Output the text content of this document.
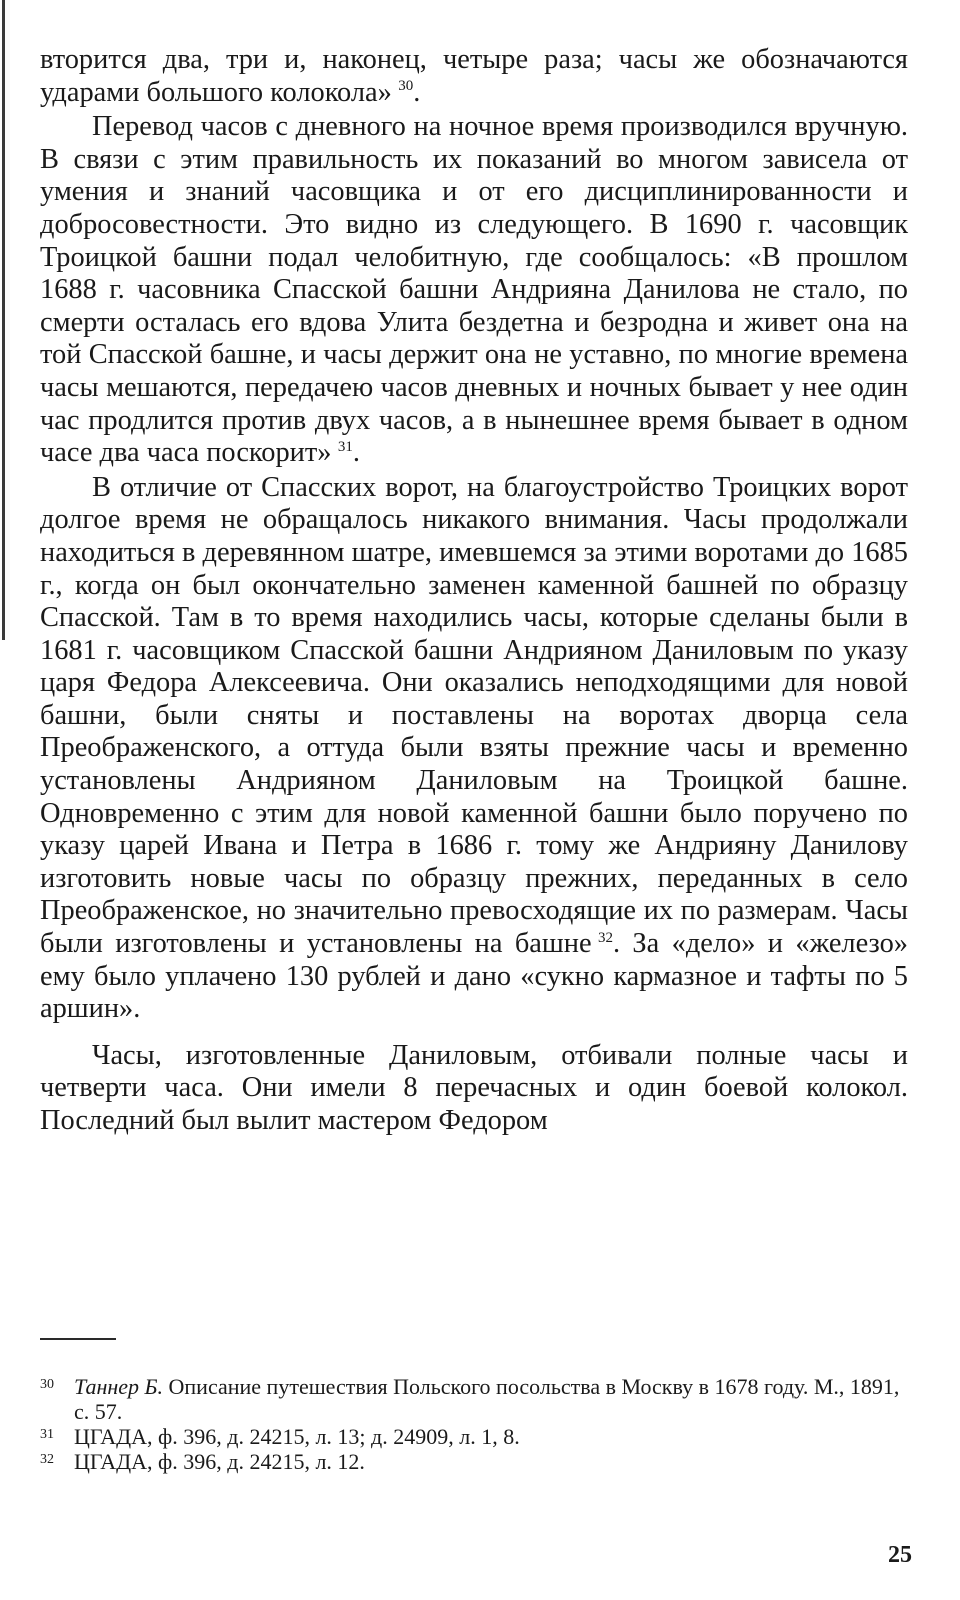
вторится два, три и, наконец, четыре раза; часы же обозначаются ударами большого колокола»  $^{30}$.

Перевод часов с дневного на ночное время производился вручную. В связи с этим правильность их показаний во многом зависела от умения и знаний часовщика и от его дисциплинированности и добросовестности. Это видно из следующего. В 1690 г. часовщик Троицкой башни подал челобитную, где сообщалось: «В прошлом 1688 г. часовника Спасской башни Андрияна Данилова не стало, по смерти осталась его вдова Улита бездетна и безродна и живет она на той Спасской башне, и часы держит она не уставно, по многие времена часы мешаются, передачею часов дневных и ночных бывает у нее один час продлится против двух часов, а в нынешнее время бывает в одном часе два часа поскорит»  $^{31}$.

В отличие от Спасских ворот, на благоустройство Троицких ворот долгое время не обращалось никакого внимания. Часы продолжали находиться в деревянном шатре, имевшемся за этими воротами до 1685 г., когда он был окончательно заменен каменной башней по образцу Спасской. Там в то время находились часы, которые сделаны были в 1681 г. часовщиком Спасской башни Андрияном Даниловым по указу царя Федора Алексеевича. Они оказались неподходящими для новой башни, были сняты и поставлены на воротах дворца села Преображенского, а оттуда были взяты прежние часы и временно установлены Андрияном Даниловым на Троицкой башне. Одновременно с этим для новой каменной башни было поручено по указу царей Ивана и Петра в 1686 г. тому же Андрияну Данилову изготовить новые часы по образцу прежних, переданных в село Преображенское, но значительно превосходящие их по размерам. Часы были изготовлены и установлены на башне  $^{32}$. За «дело» и «железо» ему было уплачено 130 рублей и дано «сукно кармазное и тафты по 5 аршин».

Часы, изготовленные Даниловым, отбивали полные часы и четверти часа. Они имели 8 перечасных и один боевой колокол. Последний был вылит мастером Федором

30 Таннер Б. Описание путешествия Польского посольства в Москву в 1678 году. М., 1891, с. 57.

31 ЦГАДА, ф. 396, д. 24215, л. 13; д. 24909, л. 1, 8.

32 ЦГАДА, ф. 396, д. 24215, л. 12.

25
